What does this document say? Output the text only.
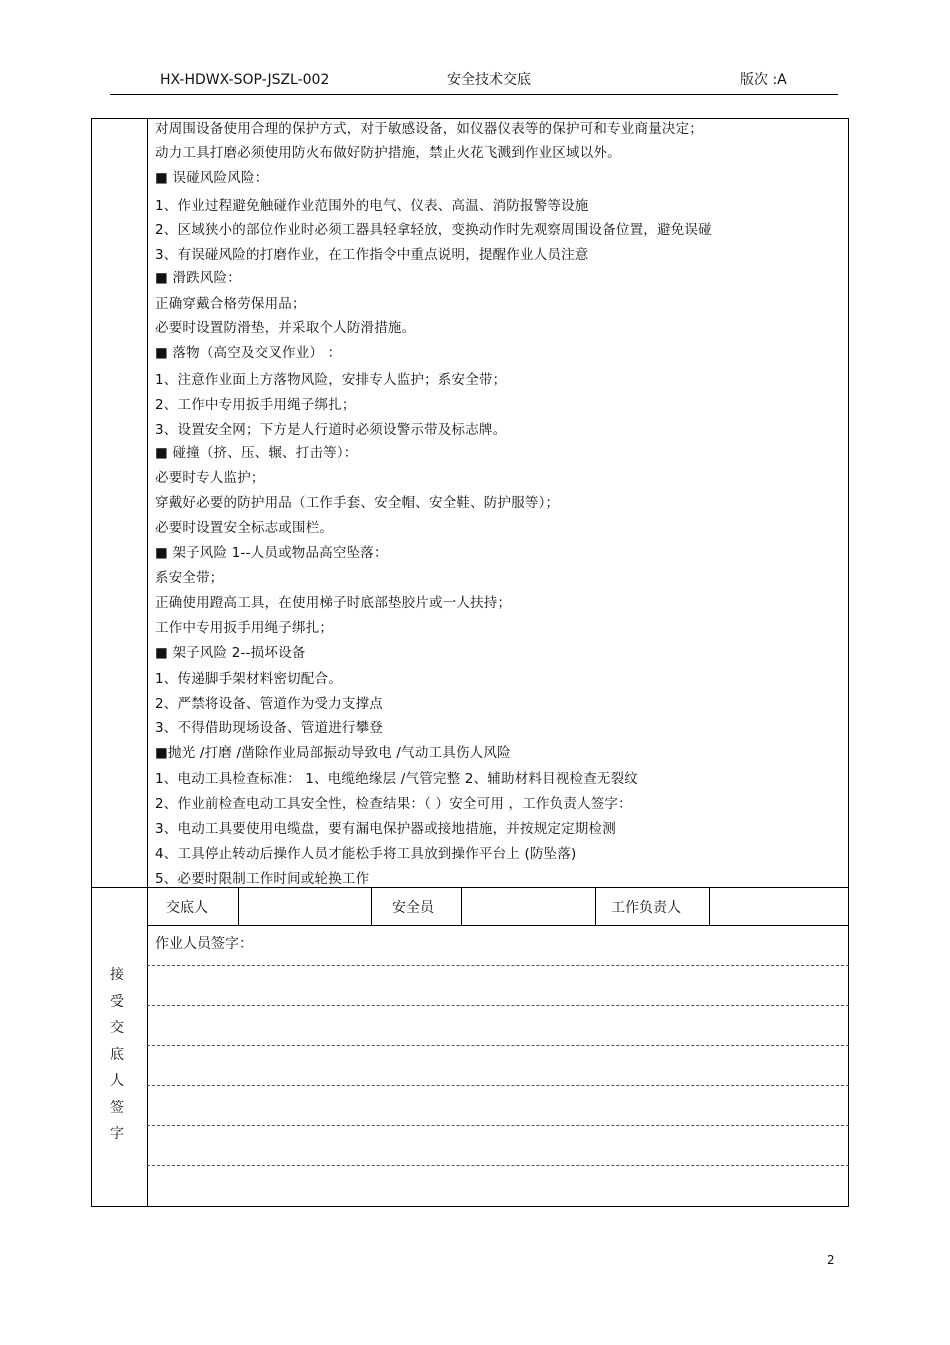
HX-HDWX-SOP-JSZL-002	安全技术交底	版次 :A
对周围设备使用合理的保护方式，对于敏感设备，如仪器仪表等的保护可和专业商量决定；
动力工具打磨必须使用防火布做好防护措施，禁止火花飞溅到作业区域以外。
■ 误碰风险风险：
1、作业过程避免触碰作业范围外的电气、仪表、高温、消防报警等设施
2、区域狭小的部位作业时必须工器具轻拿轻放，变换动作时先观察周围设备位置，避免误碰
3、有误碰风险的打磨作业，在工作指令中重点说明，提醒作业人员注意
■ 滑跌风险：
正确穿戴合格劳保用品；
必要时设置防滑垫，并采取个人防滑措施。
■ 落物（高空及交叉作业） ：
1、注意作业面上方落物风险，安排专人监护；系安全带；
2、工作中专用扳手用绳子绑扎；
3、设置安全网；下方是人行道时必须设警示带及标志牌。
■ 碰撞（挤、压、辗、打击等）：
必要时专人监护；
穿戴好必要的防护用品（工作手套、安全帽、安全鞋、防护服等）；
必要时设置安全标志或围栏。
■ 架子风险 1--人员或物品高空坠落：
系安全带；
正确使用蹬高工具，在使用梯子时底部垫胶片或一人扶持；
工作中专用扳手用绳子绑扎；
■ 架子风险 2--损坏设备
1、传递脚手架材料密切配合。
2、严禁将设备、管道作为受力支撑点
3、不得借助现场设备、管道进行攀登
■抛光 /打磨 /凿除作业局部振动导致电 /气动工具伤人风险
1、电动工具检查标准： 1、电缆绝缘层 /气管完整 2、辅助材料目视检查无裂纹
2、作业前检查电动工具安全性，检查结果：（ ）安全可用 ，工作负责人签字：
3、电动工具要使用电缆盘，要有漏电保护器或接地措施，并按规定定期检测
4、工具停止转动后操作人员才能松手将工具放到操作平台上 (防坠落)
5、必要时限制工作时间或轮换工作
交底人	安全员	工作负责人
作业人员签字：
接
受
交
底
人
签
字
2
